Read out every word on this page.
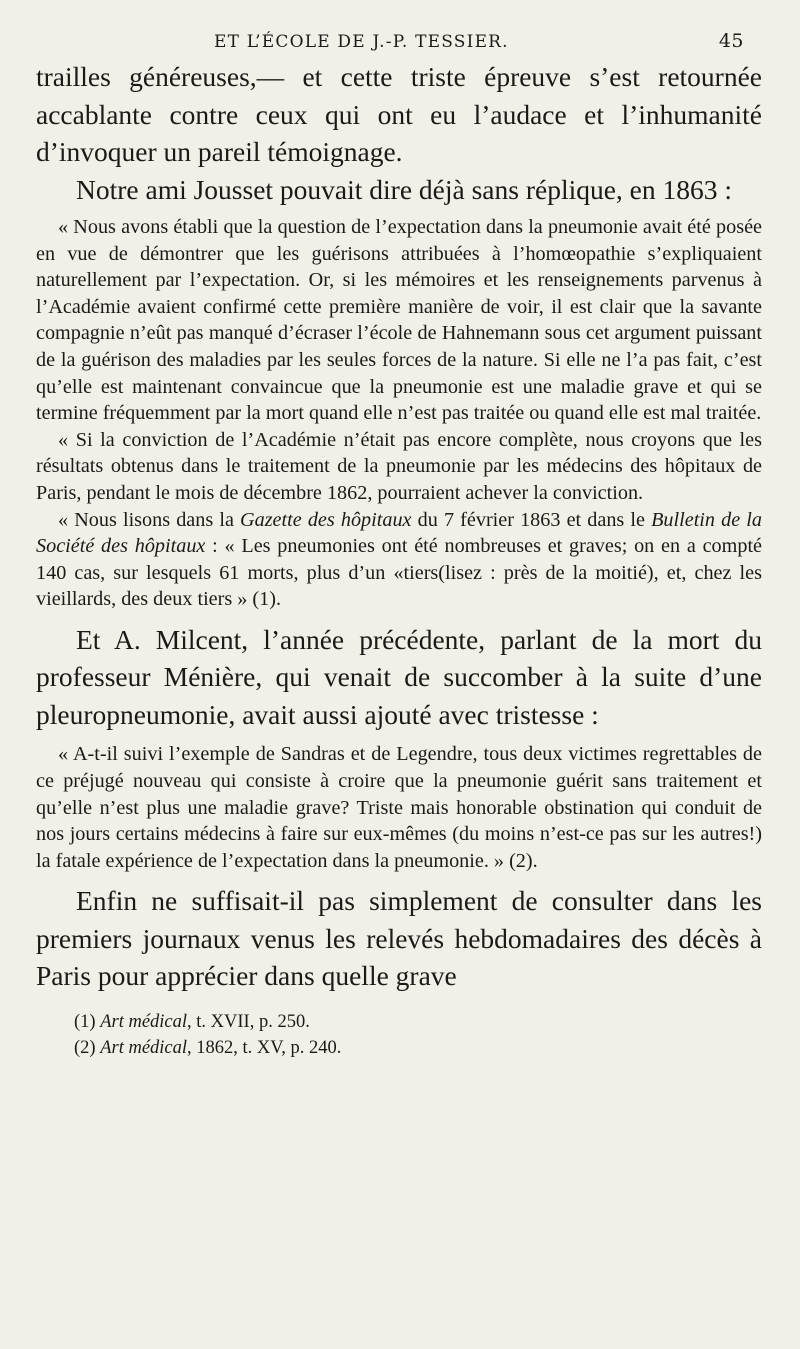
ET L’ÉCOLE DE J.-P. TESSIER.	45

trailles généreuses,— et cette triste épreuve s’est retournée accablante contre ceux qui ont eu l’audace et l’inhumanité d’invoquer un pareil témoignage.

Notre ami Jousset pouvait dire déjà sans réplique, en 1863 :

« Nous avons établi que la question de l’expectation dans la pneumonie avait été posée en vue de démontrer que les guérisons attribuées à l’homœopathie s’expliquaient naturellement par l’expectation. Or, si les mémoires et les renseignements parvenus à l’Académie avaient confirmé cette première manière de voir, il est clair que la savante compagnie n’eût pas manqué d’écraser l’école de Hahnemann sous cet argument puissant de la guérison des maladies par les seules forces de la nature. Si elle ne l’a pas fait, c’est qu’elle est maintenant convaincue que la pneumonie est une maladie grave et qui se termine fréquemment par la mort quand elle n’est pas traitée ou quand elle est mal traitée.

« Si la conviction de l’Académie n’était pas encore complète, nous croyons que les résultats obtenus dans le traitement de la pneumonie par les médecins des hôpitaux de Paris, pendant le mois de décembre 1862, pourraient achever la conviction.

« Nous lisons dans la Gazette des hôpitaux du 7 février 1863 et dans le Bulletin de la Société des hôpitaux : « Les pneumonies ont été nombreuses et graves; on en a compté 140 cas, sur lesquels 61 morts, plus d’un «tiers(lisez : près de la moitié), et, chez les vieillards, des deux tiers » (1).

Et A. Milcent, l’année précédente, parlant de la mort du professeur Ménière, qui venait de succomber à la suite d’une pleuropneumonie, avait aussi ajouté avec tristesse :

« A-t-il suivi l’exemple de Sandras et de Legendre, tous deux victimes regrettables de ce préjugé nouveau qui consiste à croire que la pneumonie guérit sans traitement et qu’elle n’est plus une maladie grave? Triste mais honorable obstination qui conduit de nos jours certains médecins à faire sur eux-mêmes (du moins n’est-ce pas sur les autres!) la fatale expérience de l’expectation dans la pneumonie. » (2).

Enfin ne suffisait-il pas simplement de consulter dans les premiers journaux venus les relevés hebdomadaires des décès à Paris pour apprécier dans quelle grave

(1) Art médical, t. XVII, p. 250.
(2) Art médical, 1862, t. XV, p. 240.
